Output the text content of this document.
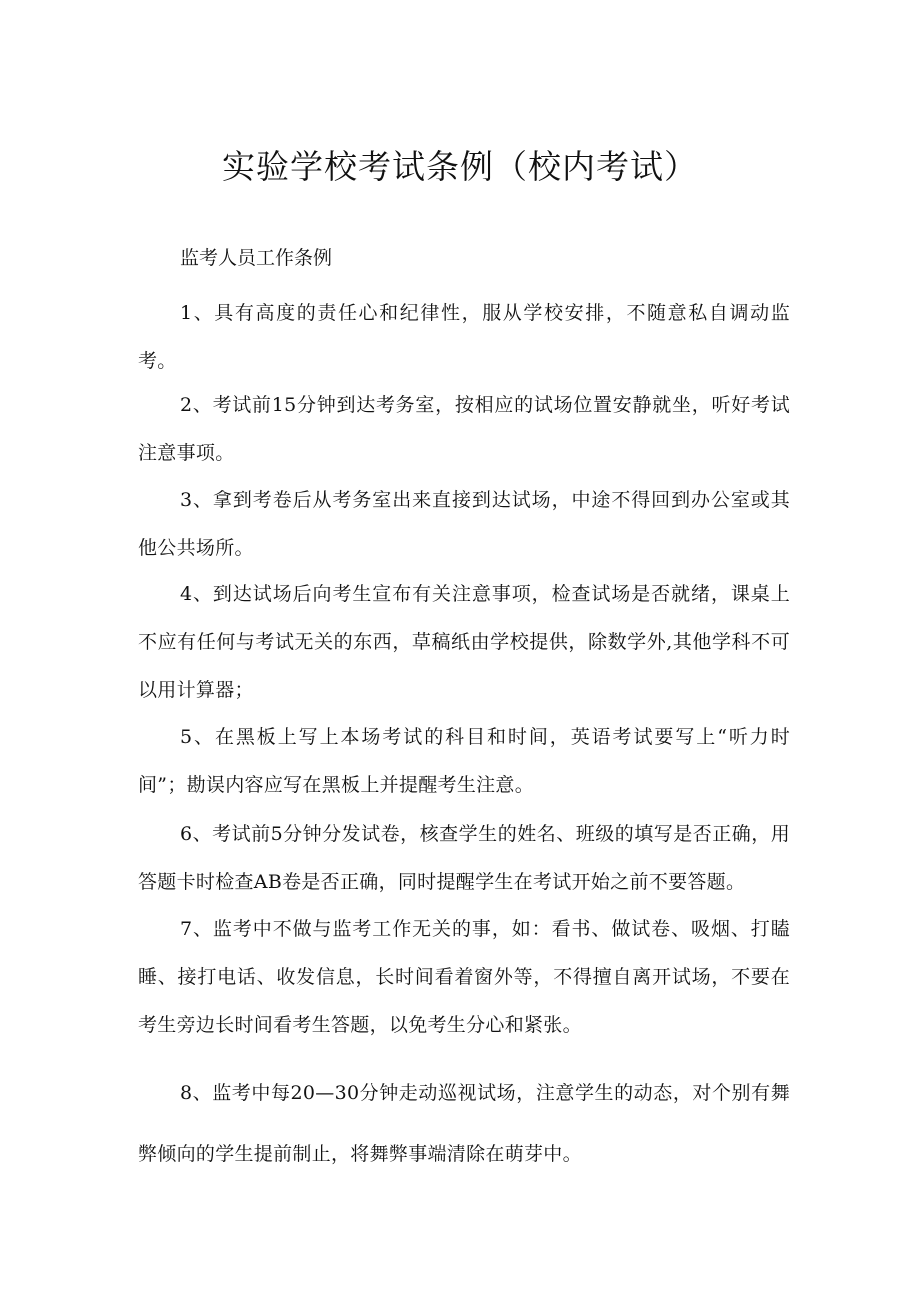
实验学校考试条例（校内考试）
监考人员工作条例

1、具有高度的责任心和纪律性，服从学校安排，不随意私自调动监考。

2、考试前15分钟到达考务室，按相应的试场位置安静就坐，听好考试注意事项。

3、拿到考卷后从考务室出来直接到达试场，中途不得回到办公室或其他公共场所。

4、到达试场后向考生宣布有关注意事项，检查试场是否就绪，课桌上不应有任何与考试无关的东西，草稿纸由学校提供，除数学外,其他学科不可以用计算器；

5、在黑板上写上本场考试的科目和时间，英语考试要写上“听力时间”；勘误内容应写在黑板上并提醒考生注意。

6、考试前5分钟分发试卷，核查学生的姓名、班级的填写是否正确，用答题卡时检查AB卷是否正确，同时提醒学生在考试开始之前不要答题。

7、监考中不做与监考工作无关的事，如：看书、做试卷、吸烟、打瞌睡、接打电话、收发信息，长时间看着窗外等，不得擅自离开试场，不要在考生旁边长时间看考生答题，以免考生分心和紧张。

8、监考中每20—30分钟走动巡视试场，注意学生的动态，对个别有舞弊倾向的学生提前制止，将舞弊事端清除在萌芽中。
